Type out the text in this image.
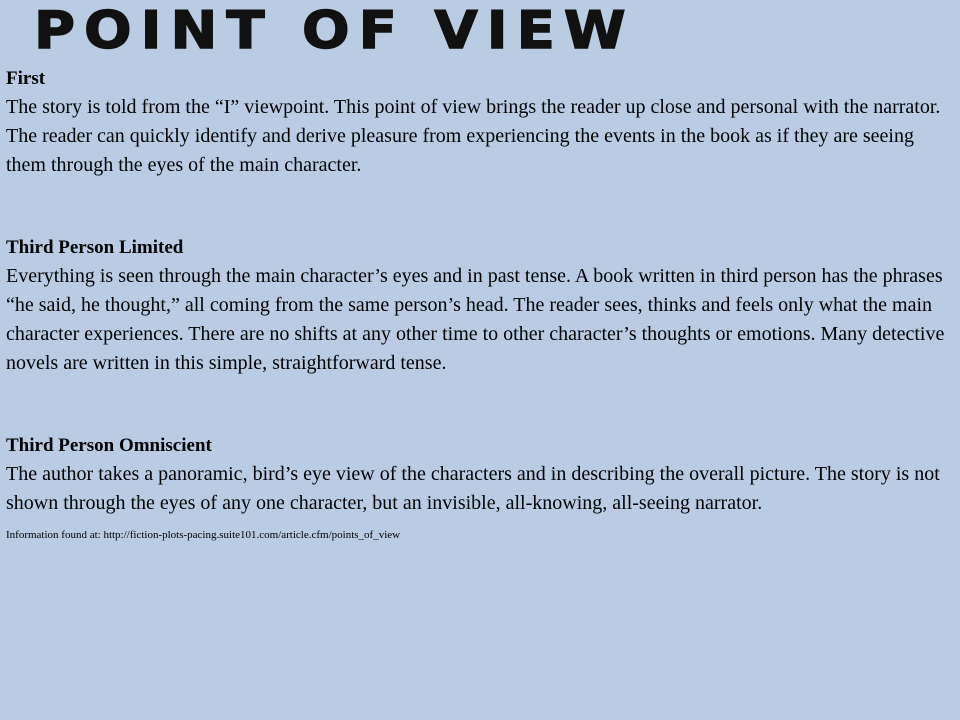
POINT OF VIEW
First
The story is told from the “I” viewpoint. This point of view brings the reader up close and personal with the narrator. The reader can quickly identify and derive pleasure from experiencing the events in the book as if they are seeing them through the eyes of the main character.
Third Person Limited
Everything is seen through the main character’s eyes and in past tense. A book written in third person has the phrases “he said, he thought,” all coming from the same person’s head. The reader sees, thinks and feels only what the main character experiences. There are no shifts at any other time to other character’s thoughts or emotions. Many detective novels are written in this simple, straightforward tense.
Third Person Omniscient
The author takes a panoramic, bird’s eye view of the characters and in describing the overall picture. The story is not shown through the eyes of any one character, but an invisible, all-knowing, all-seeing narrator.
Information found at: http://fiction-plots-pacing.suite101.com/article.cfm/points_of_view
